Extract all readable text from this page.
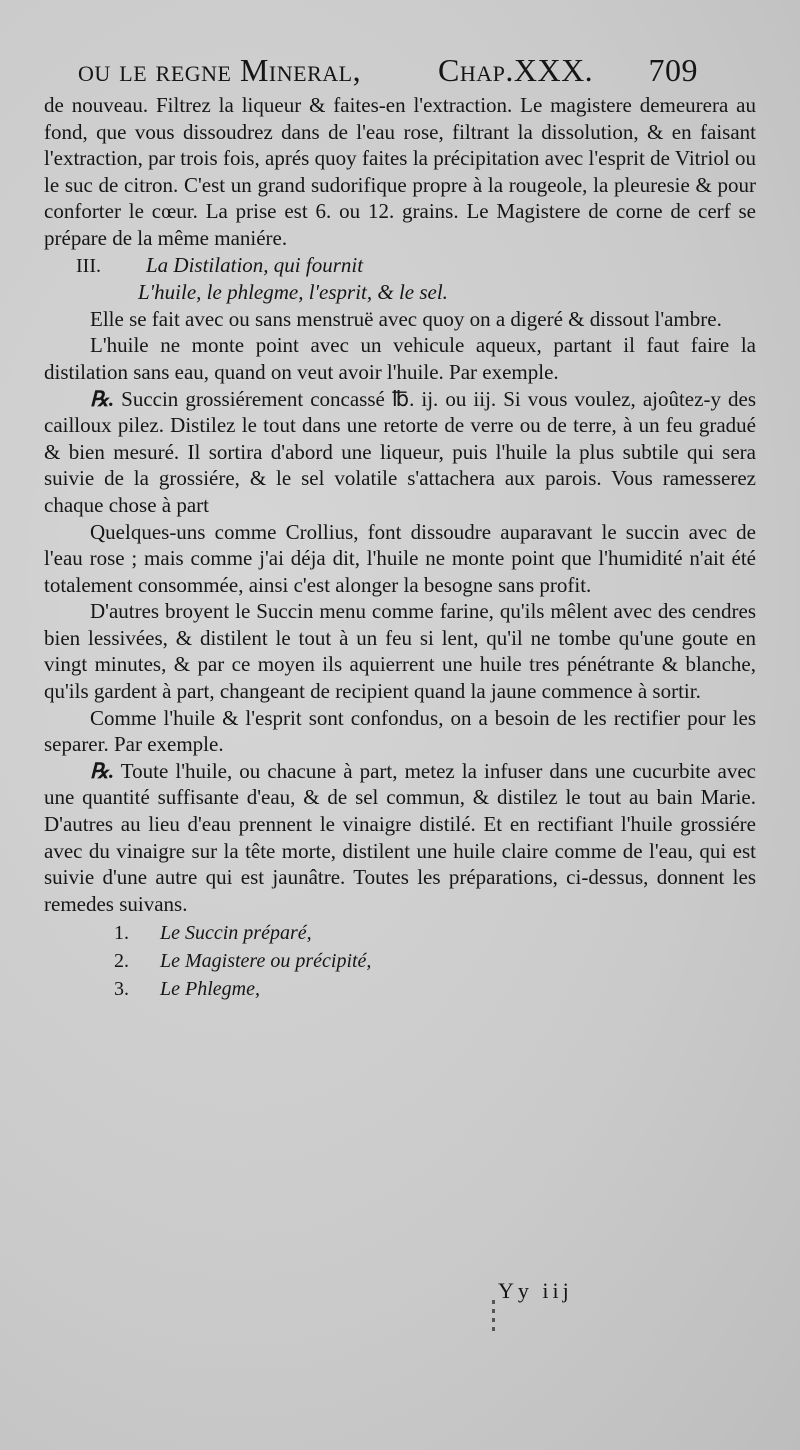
ou le regne Mineral, Chap.XXX. 709

de nouveau. Filtrez la liqueur & faites-en l'extraction. Le magistere demeurera au fond, que vous dissoudrez dans de l'eau rose, filtrant la dissolution, & en faisant l'extraction, par trois fois, aprés quoy faites la précipitation avec l'esprit de Vitriol ou le suc de citron. C'est un grand sudorifique propre à la rougeole, la pleuresie & pour conforter le cœur. La prise est 6. ou 12. grains. Le Magistere de corne de cerf se prépare de la même maniére.

III. La Distilation, qui fournit
L'huile, le phlegme, l'esprit, & le sel.

Elle se fait avec ou sans menstruë avec quoy on a digeré & dissout l'ambre.

L'huile ne monte point avec un vehicule aqueux, partant il faut faire la distilation sans eau, quand on veut avoir l'huile. Par exemple.

℞. Succin grossiérement concassé ℔. ij. ou iij. Si vous voulez, ajoûtez-y des cailloux pilez. Distilez le tout dans une retorte de verre ou de terre, à un feu gradué & bien mesuré. Il sortira d'abord une liqueur, puis l'huile la plus subtile qui sera suivie de la grossiére, & le sel volatile s'attachera aux parois. Vous ramesserez chaque chose à part

Quelques-uns comme Crollius, font dissoudre auparavant le succin avec de l'eau rose ; mais comme j'ai déja dit, l'huile ne monte point que l'humidité n'ait été totalement consommée, ainsi c'est alonger la besogne sans profit.

D'autres broyent le Succin menu comme farine, qu'ils mêlent avec des cendres bien lessivées, & distilent le tout à un feu si lent, qu'il ne tombe qu'une goute en vingt minutes, & par ce moyen ils aquierrent une huile tres pénétrante & blanche, qu'ils gardent à part, changeant de recipient quand la jaune commence à sortir.

Comme l'huile & l'esprit sont confondus, on a besoin de les rectifier pour les separer. Par exemple.

℞. Toute l'huile, ou chacune à part, metez la infuser dans une cucurbite avec une quantité suffisante d'eau, & de sel commun, & distilez le tout au bain Marie. D'autres au lieu d'eau prennent le vinaigre distilé. Et en rectifiant l'huile grossiére avec du vinaigre sur la tête morte, distilent une huile claire comme de l'eau, qui est suivie d'une autre qui est jaunâtre. Toutes les préparations, ci-dessus, donnent les remedes suivans.

1. Le Succin préparé,
2. Le Magistere ou précipité,
3. Le Phlegme,
Yy iij
